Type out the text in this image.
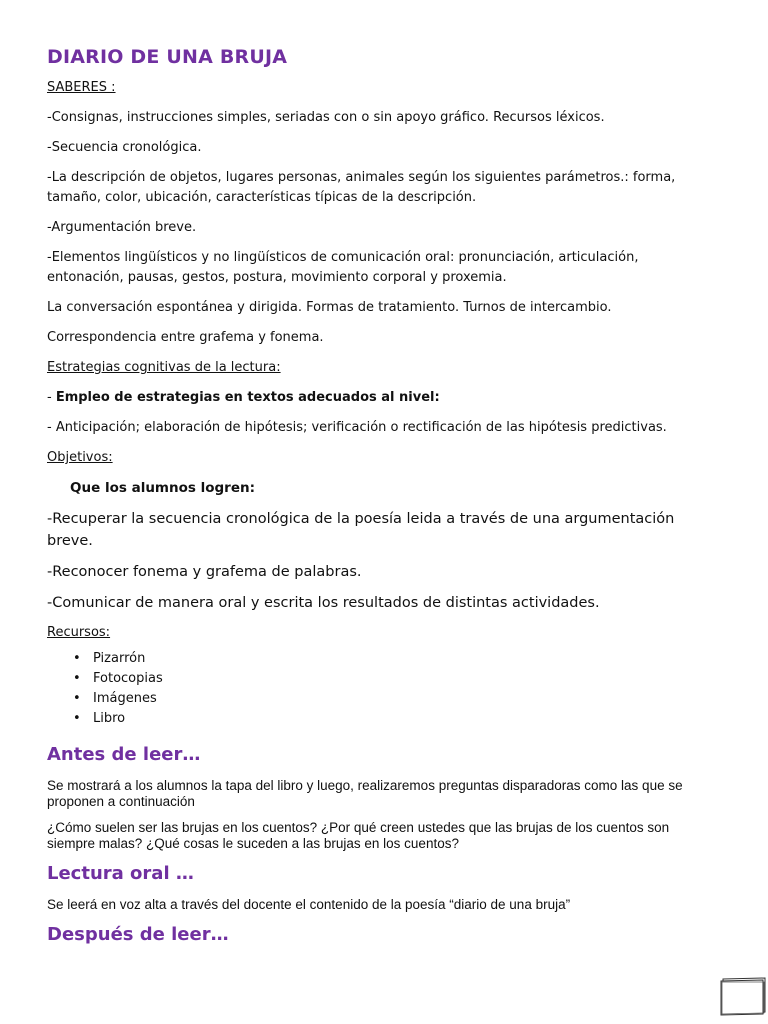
DIARIO DE UNA BRUJA

SABERES :

-Consignas, instrucciones simples, seriadas con o sin apoyo gráfico. Recursos léxicos.

-Secuencia cronológica.

-La descripción de objetos, lugares personas, animales según los siguientes parámetros.: forma, tamaño, color, ubicación, características típicas de la descripción.

-Argumentación breve.

-Elementos lingüísticos y no lingüísticos de comunicación oral: pronunciación, articulación, entonación, pausas, gestos, postura, movimiento corporal y proxemia.

La conversación espontánea y dirigida. Formas de tratamiento. Turnos de intercambio.

Correspondencia entre grafema y fonema.

Estrategias cognitivas de la lectura:

- Empleo de estrategias en textos adecuados al nivel:

- Anticipación; elaboración de hipótesis; verificación o rectificación de las hipótesis predictivas.

Objetivos:

Que los alumnos logren:

-Recuperar la secuencia cronológica de la poesía leida a través de una argumentación breve.

-Reconocer fonema y grafema de palabras.

-Comunicar de manera oral y escrita los resultados de distintas actividades.

Recursos:

• Pizarrón
• Fotocopias
• Imágenes
• Libro
Antes de leer…

Se mostrará a los alumnos la tapa del libro y luego, realizaremos preguntas disparadoras como las que se proponen a continuación

¿Cómo suelen ser las brujas en los cuentos? ¿Por qué creen ustedes que las brujas de los cuentos son siempre malas? ¿Qué cosas le suceden a las brujas en los cuentos?

Lectura oral …

Se leerá en voz alta a través del docente el contenido de la poesía “diario de una bruja”

Después de leer…
